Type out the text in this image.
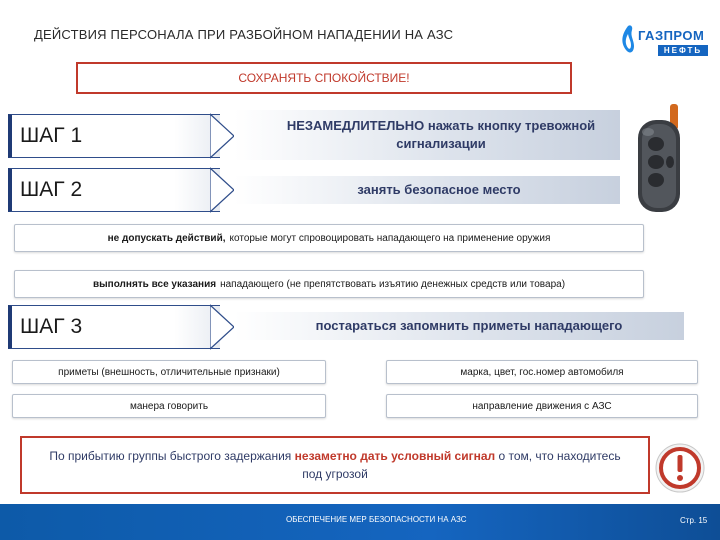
ДЕЙСТВИЯ ПЕРСОНАЛА ПРИ РАЗБОЙНОМ НАПАДЕНИИ НА АЗС	ГАЗПРОМ
НЕФТЬ
СОХРАНЯТЬ СПОКОЙСТВИЕ!
ШАГ 1	НЕЗАМЕДЛИТЕЛЬНО нажать кнопку тревожной сигнализации
ШАГ 2	занять безопасное место
не допускать действий, которые могут спровоцировать нападающего на применение оружия
выполнять все указания нападающего (не препятствовать изъятию денежных средств или товара)
ШАГ 3	постараться запомнить приметы нападающего
приметы (внешность, отличительные признаки)
манера говорить
марка, цвет, гос.номер автомобиля
направление движения с АЗС
По прибытию группы быстрого задержания незаметно дать условный сигнал о том, что находитесь под угрозой
ОБЕСПЕЧЕНИЕ МЕР БЕЗОПАСНОСТИ НА АЗС	Стр. 15
